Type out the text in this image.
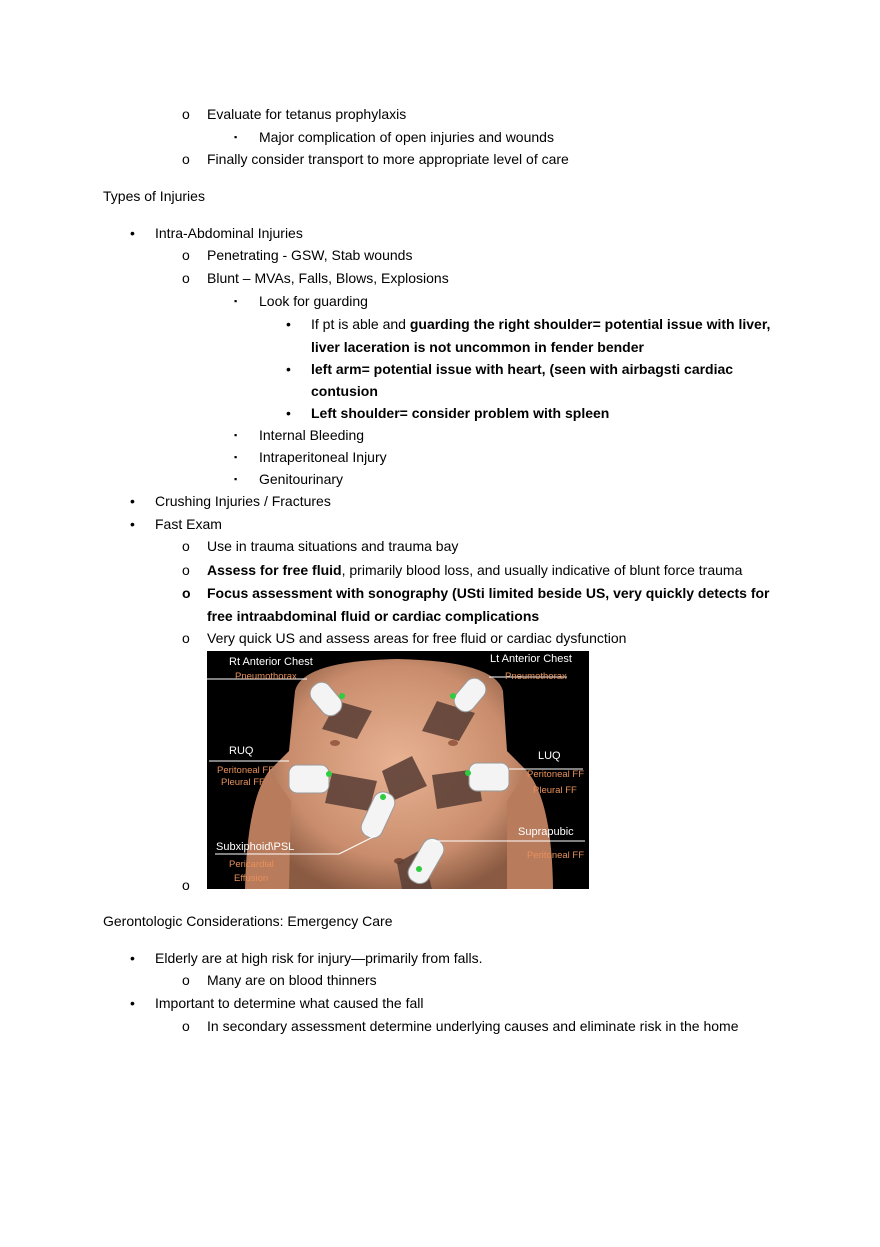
o Evaluate for tetanus prophylaxis
▪ Major complication of open injuries and wounds
o Finally consider transport to more appropriate level of care
Types of Injuries
• Intra-Abdominal Injuries
o Penetrating - GSW, Stab wounds
o Blunt – MVAs, Falls, Blows, Explosions
▪ Look for guarding
• If pt is able and guarding the right shoulder= potential issue with liver,
liver laceration is not uncommon in fender bender
• left arm= potential issue with heart, (seen with airbagsti cardiac
contusion
• Left shoulder= consider problem with spleen
▪ Internal Bleeding
▪ Intraperitoneal Injury
▪ Genitourinary
• Crushing Injuries / Fractures
• Fast Exam
o Use in trauma situations and trauma bay
o Assess for free fluid, primarily blood loss, and usually indicative of blunt force trauma
o Focus assessment with sonography (USti limited beside US, very quickly detects for
free intraabdominal fluid or cardiac complications
o Very quick US and assess areas for free fluid or cardiac dysfunction
o
Rt Anterior Chest
Pneumothorax
Lt Anterior Chest
Pneumothorax
RUQ
Peritoneal FF
Pleural FF
LUQ
Peritoneal FF
Pleural FF
Subxiphoid\PSL
Pericardial
Effusion
Suprapubic
Peritoneal FF
Gerontologic Considerations: Emergency Care
• Elderly are at high risk for injury—primarily from falls.
o Many are on blood thinners
• Important to determine what caused the fall
o In secondary assessment determine underlying causes and eliminate risk in the home
